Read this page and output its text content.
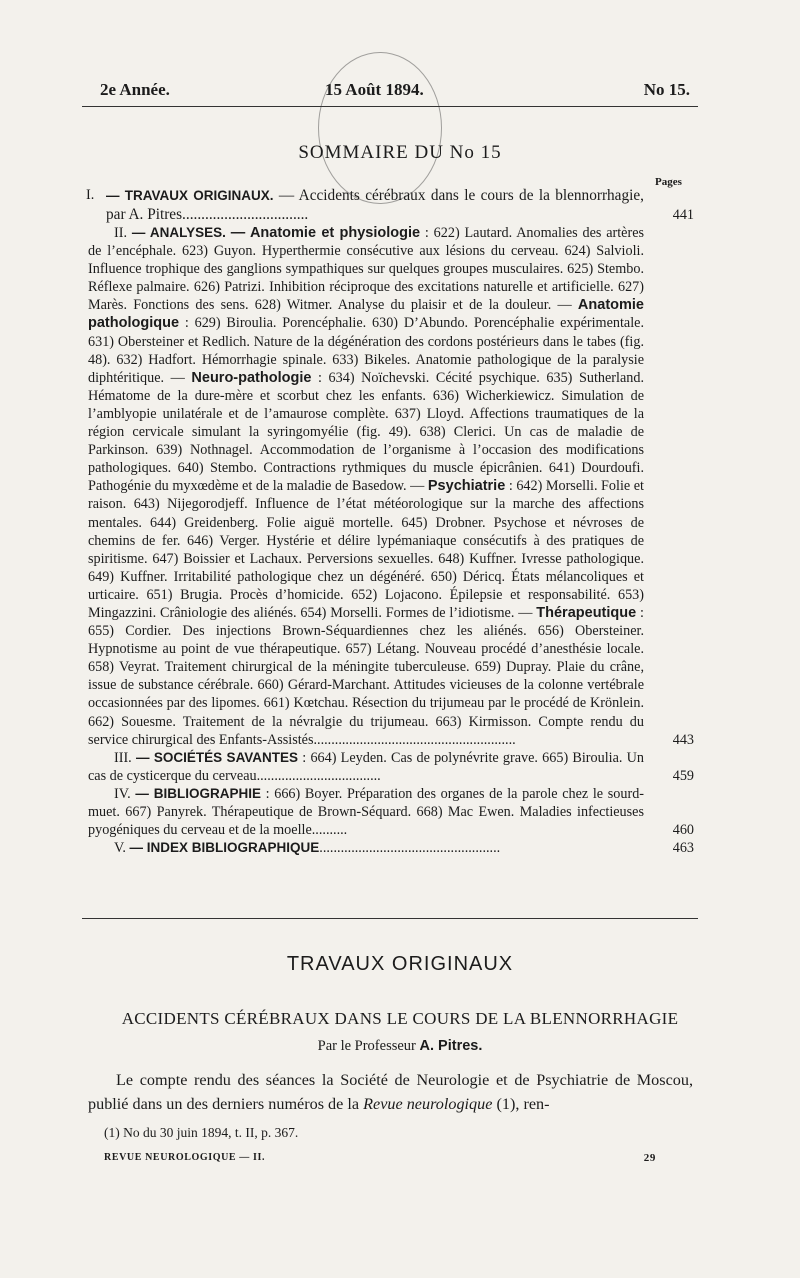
2e Année.	15 Août 1894.	No 15.
SOMMAIRE DU No 15
Pages
I. — TRAVAUX ORIGINAUX. — Accidents cérébraux dans le cours de la blennorrhagie, par A. Pitres.................................	441
II. — ANALYSES. — Anatomie et physiologie : 622) Lautard. Anomalies des artères de l’encéphale. 623) Guyon. Hyperthermie consécutive aux lésions du cerveau. 624) Salvioli. Influence trophique des ganglions sympathiques sur quelques groupes musculaires. 625) Stembo. Réflexe palmaire. 626) Patrizi. Inhibition réciproque des excitations naturelle et artificielle. 627) Marès. Fonctions des sens. 628) Witmer. Analyse du plaisir et de la douleur. — Anatomie pathologique : 629) Biroulia. Porencéphalie. 630) D’Abundo. Porencéphalie expérimentale. 631) Obersteiner et Redlich. Nature de la dégénération des cordons postérieurs dans le tabes (fig. 48). 632) Hadfort. Hémorrhagie spinale. 633) Bikeles. Anatomie pathologique de la paralysie diphtéritique. — Neuro-pathologie : 634) Noïchevski. Cécité psychique. 635) Sutherland. Hématome de la dure-mère et scorbut chez les enfants. 636) Wicherkiewicz. Simulation de l’amblyopie unilatérale et de l’amaurose complète. 637) Lloyd. Affections traumatiques de la région cervicale simulant la syringomyélie (fig. 49). 638) Clerici. Un cas de maladie de Parkinson. 639) Nothnagel. Accommodation de l’organisme à l’occasion des modifications pathologiques. 640) Stembo. Contractions rythmiques du muscle épicrânien. 641) Dourdoufi. Pathogénie du myxœdème et de la maladie de Basedow. — Psychiatrie : 642) Morselli. Folie et raison. 643) Nijegorodjeff. Influence de l’état météorologique sur la marche des affections mentales. 644) Greidenberg. Folie aiguë mortelle. 645) Drobner. Psychose et névroses de chemins de fer. 646) Verger. Hystérie et délire lypémaniaque consécutifs à des pratiques de spiritisme. 647) Boissier et Lachaux. Perversions sexuelles. 648) Kuffner. Ivresse pathologique. 649) Kuffner. Irritabilité pathologique chez un dégénéré. 650) Déricq. États mélancoliques et urticaire. 651) Brugia. Procès d’homicide. 652) Lojacono. Épilepsie et responsabilité. 653) Mingazzini. Crâniologie des aliénés. 654) Morselli. Formes de l’idiotisme. — Thérapeutique : 655) Cordier. Des injections Brown-Séquardiennes chez les aliénés. 656) Obersteiner. Hypnotisme au point de vue thérapeutique. 657) Létang. Nouveau procédé d’anesthésie locale. 658) Veyrat. Traitement chirurgical de la méningite tuberculeuse. 659) Dupray. Plaie du crâne, issue de substance cérébrale. 660) Gérard-Marchant. Attitudes vicieuses de la colonne vertébrale occasionnées par des lipomes. 661) Kœtchau. Résection du trijumeau par le procédé de Krönlein. 662) Souesme. Traitement de la névralgie du trijumeau. 663) Kirmisson. Compte rendu du service chirurgical des Enfants-Assistés.........................................................	443
III. — SOCIÉTÉS SAVANTES : 664) Leyden. Cas de polynévrite grave. 665) Biroulia. Un cas de cysticerque du cerveau...................................	459
IV. — BIBLIOGRAPHIE : 666) Boyer. Préparation des organes de la parole chez le sourd-muet. 667) Panyrek. Thérapeutique de Brown-Séquard. 668) Mac Ewen. Maladies infectieuses pyogéniques du cerveau et de la moelle..........	460
V. — INDEX BIBLIOGRAPHIQUE...................................................	463
TRAVAUX ORIGINAUX
ACCIDENTS CÉRÉBRAUX DANS LE COURS DE LA BLENNORRHAGIE
Par le Professeur A. Pitres.
Le compte rendu des séances la Société de Neurologie et de Psychiatrie de Moscou, publié dans un des derniers numéros de la Revue neurologique (1), ren-
(1) No du 30 juin 1894, t. II, p. 367.
REVUE NEUROLOGIQUE — II.	29
